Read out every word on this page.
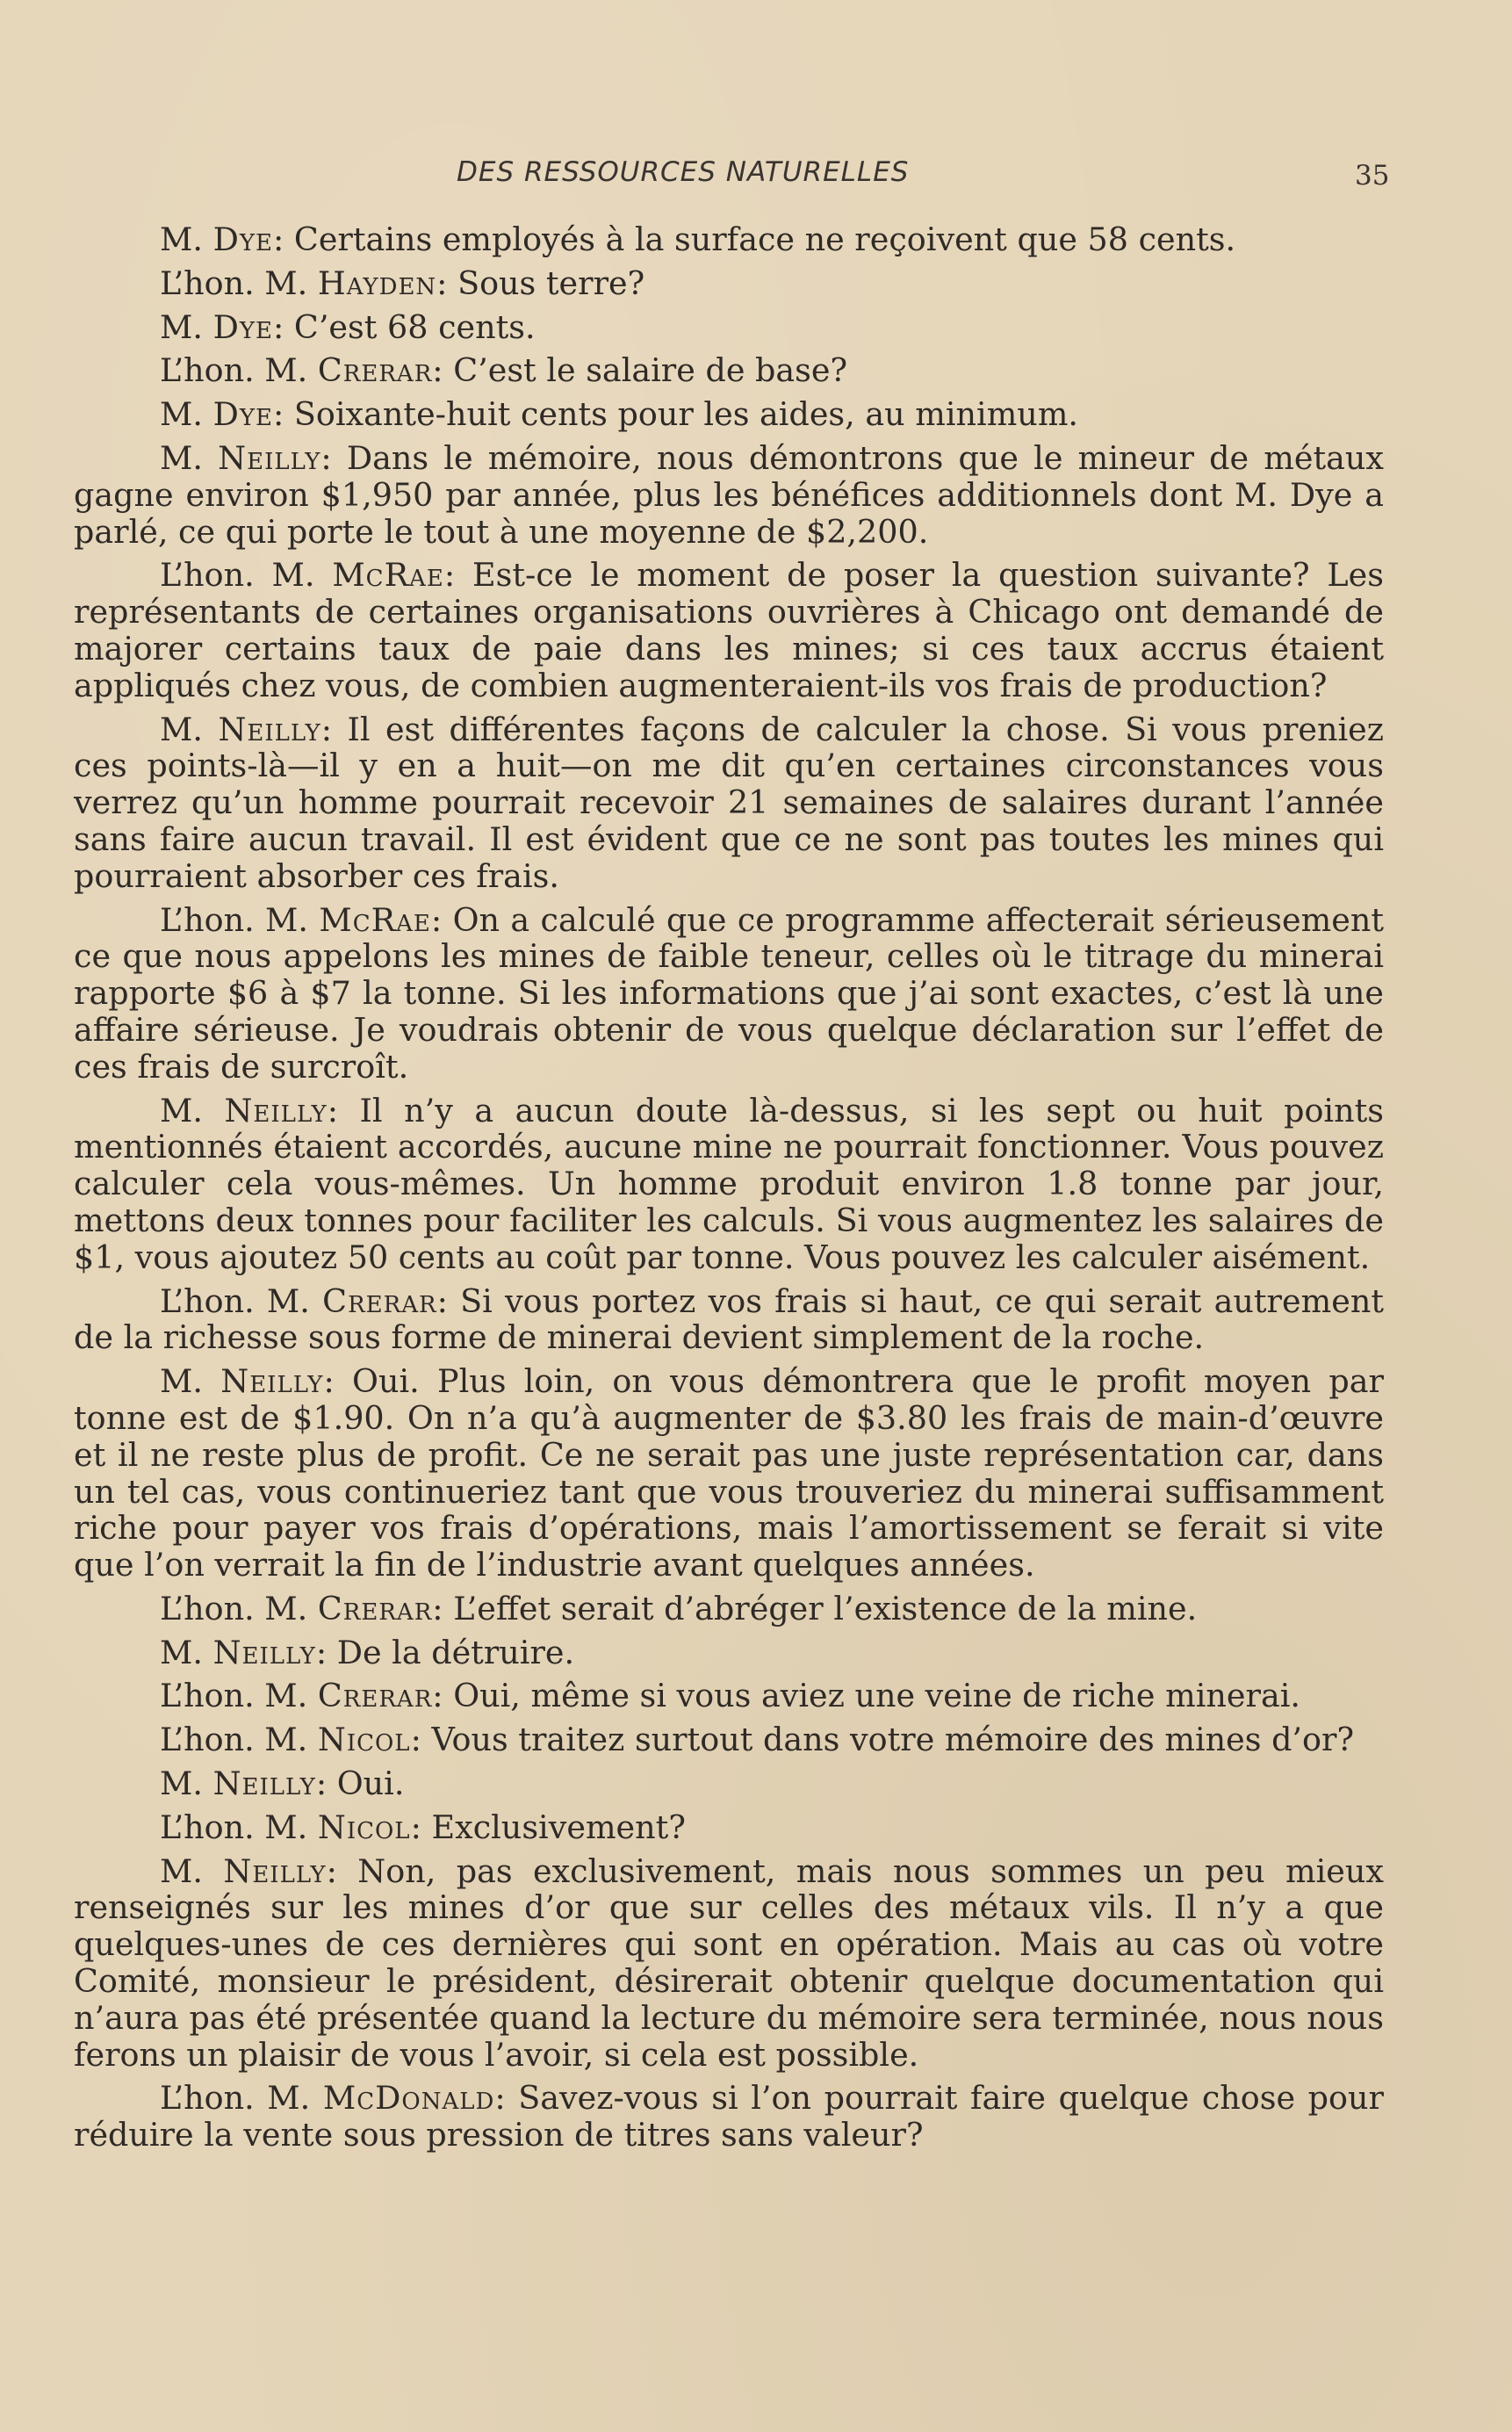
DES RESSOURCES NATURELLES	35

M. Dye: Certains employés à la surface ne reçoivent que 58 cents.

L’hon. M. Hayden: Sous terre?

M. Dye: C’est 68 cents.

L’hon. M. Crerar: C’est le salaire de base?

M. Dye: Soixante-huit cents pour les aides, au minimum.

M. Neilly: Dans le mémoire, nous démontrons que le mineur de métaux gagne environ $1,950 par année, plus les bénéfices additionnels dont M. Dye a parlé, ce qui porte le tout à une moyenne de $2,200.

L’hon. M. McRae: Est-ce le moment de poser la question suivante? Les représentants de certaines organisations ouvrières à Chicago ont demandé de majorer certains taux de paie dans les mines; si ces taux accrus étaient appliqués chez vous, de combien augmenteraient-ils vos frais de production?

M. Neilly: Il est différentes façons de calculer la chose. Si vous preniez ces points-là—il y en a huit—on me dit qu’en certaines circonstances vous verrez qu’un homme pourrait recevoir 21 semaines de salaires durant l’année sans faire aucun travail. Il est évident que ce ne sont pas toutes les mines qui pourraient absorber ces frais.

L’hon. M. McRae: On a calculé que ce programme affecterait sérieusement ce que nous appelons les mines de faible teneur, celles où le titrage du minerai rapporte $6 à $7 la tonne. Si les informations que j’ai sont exactes, c’est là une affaire sérieuse. Je voudrais obtenir de vous quelque déclaration sur l’effet de ces frais de surcroît.

M. Neilly: Il n’y a aucun doute là-dessus, si les sept ou huit points mentionnés étaient accordés, aucune mine ne pourrait fonctionner. Vous pouvez calculer cela vous-mêmes. Un homme produit environ 1.8 tonne par jour, mettons deux tonnes pour faciliter les calculs. Si vous augmentez les salaires de $1, vous ajoutez 50 cents au coût par tonne. Vous pouvez les calculer aisément.

L’hon. M. Crerar: Si vous portez vos frais si haut, ce qui serait autrement de la richesse sous forme de minerai devient simplement de la roche.

M. Neilly: Oui. Plus loin, on vous démontrera que le profit moyen par tonne est de $1.90. On n’a qu’à augmenter de $3.80 les frais de main-d’œuvre et il ne reste plus de profit. Ce ne serait pas une juste représentation car, dans un tel cas, vous continueriez tant que vous trouveriez du minerai suffisamment riche pour payer vos frais d’opérations, mais l’amortissement se ferait si vite que l’on verrait la fin de l’industrie avant quelques années.

L’hon. M. Crerar: L’effet serait d’abréger l’existence de la mine.

M. Neilly: De la détruire.

L’hon. M. Crerar: Oui, même si vous aviez une veine de riche minerai.

L’hon. M. Nicol: Vous traitez surtout dans votre mémoire des mines d’or?

M. Neilly: Oui.

L’hon. M. Nicol: Exclusivement?

M. Neilly: Non, pas exclusivement, mais nous sommes un peu mieux renseignés sur les mines d’or que sur celles des métaux vils. Il n’y a que quelques-unes de ces dernières qui sont en opération. Mais au cas où votre Comité, monsieur le président, désirerait obtenir quelque documentation qui n’aura pas été présentée quand la lecture du mémoire sera terminée, nous nous ferons un plaisir de vous l’avoir, si cela est possible.

L’hon. M. McDonald: Savez-vous si l’on pourrait faire quelque chose pour réduire la vente sous pression de titres sans valeur?
